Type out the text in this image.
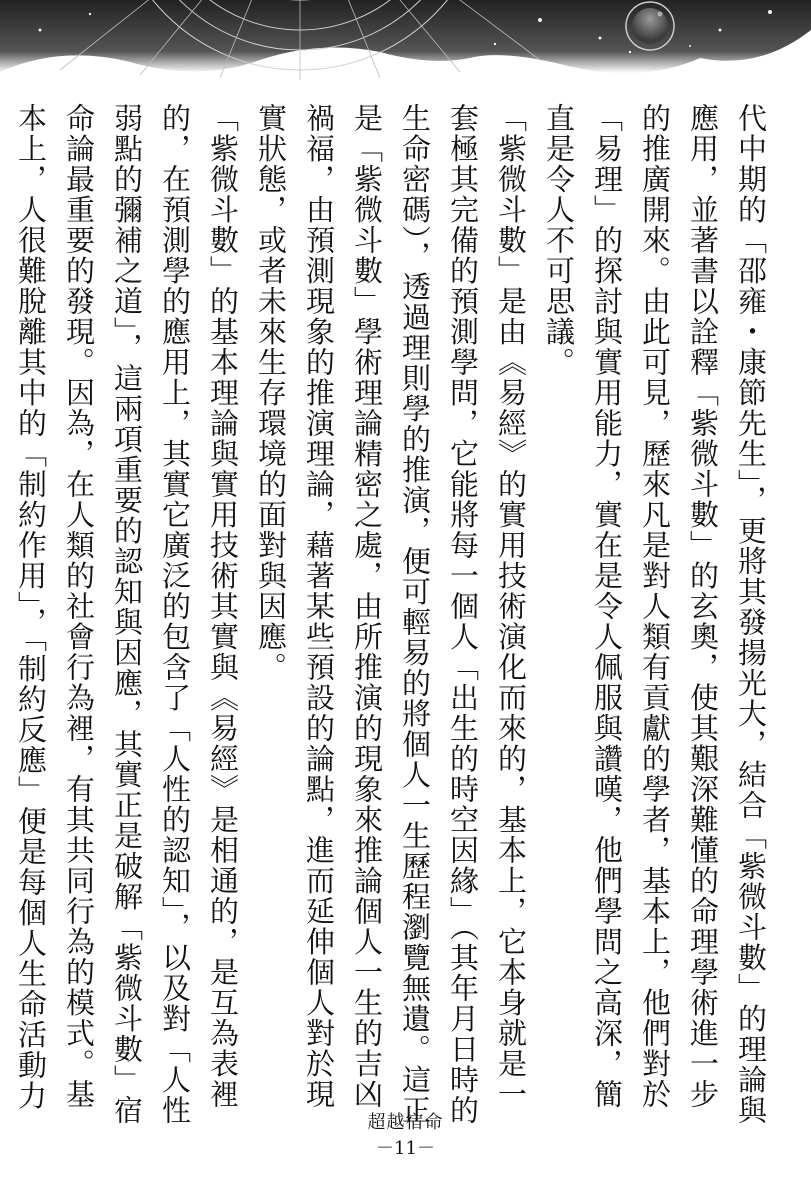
代中期的「邵雍・康節先生」，更將其發揚光大，結合「紫微斗數」的理論與應用，並著書以詮釋「紫微斗數」的玄奧，使其艱深難懂的命理學術進一步的推廣開來。由此可見，歷來凡是對人類有貢獻的學者，基本上，他們對於「易理」的探討與實用能力，實在是令人佩服與讚嘆，他們學問之高深，簡直是令人不可思議。

「紫微斗數」是由《易經》的實用技術演化而來的，基本上，它本身就是一套極其完備的預測學問，它能將每一個人「出生的時空因緣」（其年月日時的生命密碼），透過理則學的推演，便可輕易的將個人一生歷程瀏覽無遺。這正是「紫微斗數」學術理論精密之處，由所推演的現象來推論個人一生的吉凶禍福，由預測現象的推演理論，藉著某些預設的論點，進而延伸個人對於現實狀態，或者未來生存環境的面對與因應。

「紫微斗數」的基本理論與實用技術其實與《易經》是相通的，是互為表裡的，在預測學的應用上，其實它廣泛的包含了「人性的認知」，以及對「人性弱點的彌補之道」，這兩項重要的認知與因應，其實正是破解「紫微斗數」宿命論最重要的發現。因為，在人類的社會行為裡，有其共同行為的模式。基本上，人很難脫離其中的「制約作用」，「制約反應」便是每個人生命活動力

超越宿命
－11－
